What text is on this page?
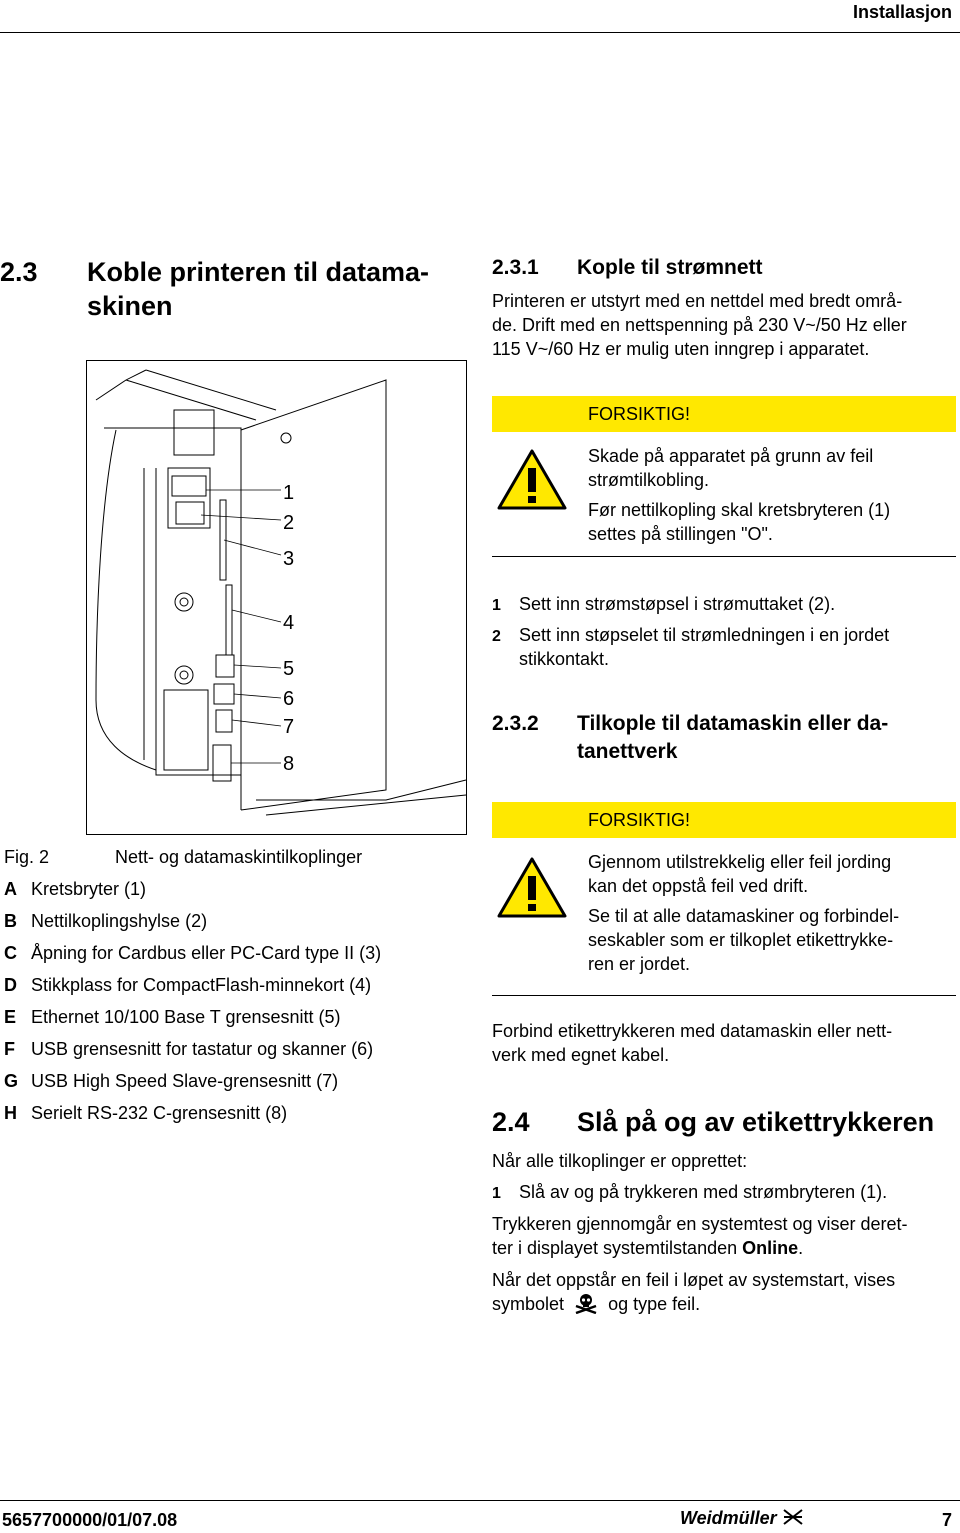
Installasjon
2.3 Koble printeren til datama-
skinen
1
2
3
4
5
6
7
8
Fig. 2	Nett- og datamaskintilkoplinger
A Kretsbryter (1)
B Nettilkoplingshylse (2)
C Åpning for Cardbus eller PC-Card type II (3)
D Stikkplass for CompactFlash-minnekort (4)
E Ethernet 10/100 Base T grensesnitt (5)
F USB grensesnitt for tastatur og skanner (6)
G USB High Speed Slave-grensesnitt (7)
H Serielt RS-232 C-grensesnitt (8)
2.3.1 Kople til strømnett
Printeren er utstyrt med en nettdel med bredt områ-
de. Drift med en nettspenning på 230 V~/50 Hz eller
115 V~/60 Hz er mulig uten inngrep i apparatet.
FORSIKTIG!
Skade på apparatet på grunn av feil
strømtilkobling.
Før nettilkopling skal kretsbryteren (1)
settes på stillingen "O".
1 Sett inn strømstøpsel i strømuttaket (2).
2 Sett inn støpselet til strømledningen i en jordet
stikkontakt.
2.3.2 Tilkople til datamaskin eller da-
tanettverk
FORSIKTIG!
Gjennom utilstrekkelig eller feil jording
kan det oppstå feil ved drift.
Se til at alle datamaskiner og forbindel-
seskabler som er tilkoplet etikettrykke-
ren er jordet.
Forbind etikettrykkeren med datamaskin eller nett-
verk med egnet kabel.
2.4 Slå på og av etikettrykkeren
Når alle tilkoplinger er opprettet:
1 Slå av og på trykkeren med strømbryteren (1).
Trykkeren gjennomgår en systemtest og viser deret-
ter i displayet systemtilstanden Online.
Når det oppstår en feil i løpet av systemstart, vises
symbolet og type feil.
5657700000/01/07.08	Weidmüller	7
